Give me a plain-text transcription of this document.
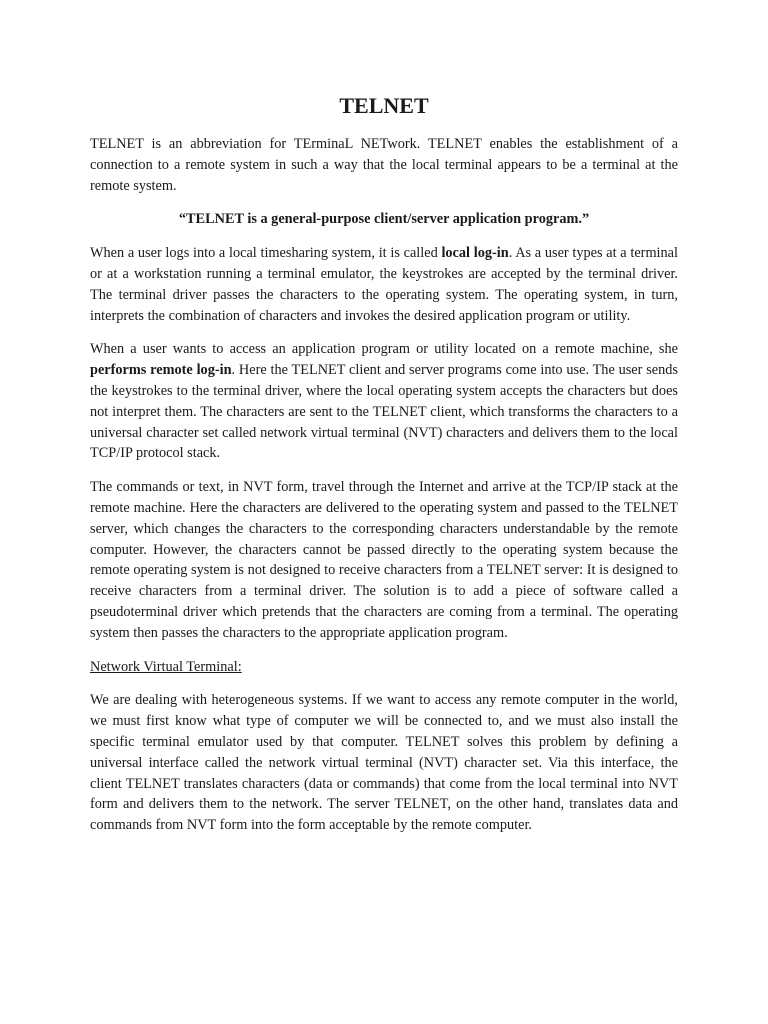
TELNET

TELNET is an abbreviation for TErminaL NETwork. TELNET enables the establishment of a connection to a remote system in such a way that the local terminal appears to be a terminal at the remote system.

“TELNET is a general-purpose client/server application program.”

When a user logs into a local timesharing system, it is called local log-in. As a user types at a terminal or at a workstation running a terminal emulator, the keystrokes are accepted by the terminal driver. The terminal driver passes the characters to the operating system. The operating system, in turn, interprets the combination of characters and invokes the desired application program or utility.

When a user wants to access an application program or utility located on a remote machine, she performs remote log-in. Here the TELNET client and server programs come into use. The user sends the keystrokes to the terminal driver, where the local operating system accepts the characters but does not interpret them. The characters are sent to the TELNET client, which transforms the characters to a universal character set called network virtual terminal (NVT) characters and delivers them to the local TCP/IP protocol stack.

The commands or text, in NVT form, travel through the Internet and arrive at the TCP/IP stack at the remote machine. Here the characters are delivered to the operating system and passed to the TELNET server, which changes the characters to the corresponding characters understandable by the remote computer. However, the characters cannot be passed directly to the operating system because the remote operating system is not designed to receive characters from a TELNET server: It is designed to receive characters from a terminal driver. The solution is to add a piece of software called a pseudoterminal driver which pretends that the characters are coming from a terminal. The operating system then passes the characters to the appropriate application program.

Network Virtual Terminal:

We are dealing with heterogeneous systems. If we want to access any remote computer in the world, we must first know what type of computer we will be connected to, and we must also install the specific terminal emulator used by that computer. TELNET solves this problem by defining a universal interface called the network virtual terminal (NVT) character set. Via this interface, the client TELNET translates characters (data or commands) that come from the local terminal into NVT form and delivers them to the network. The server TELNET, on the other hand, translates data and commands from NVT form into the form acceptable by the remote computer.
